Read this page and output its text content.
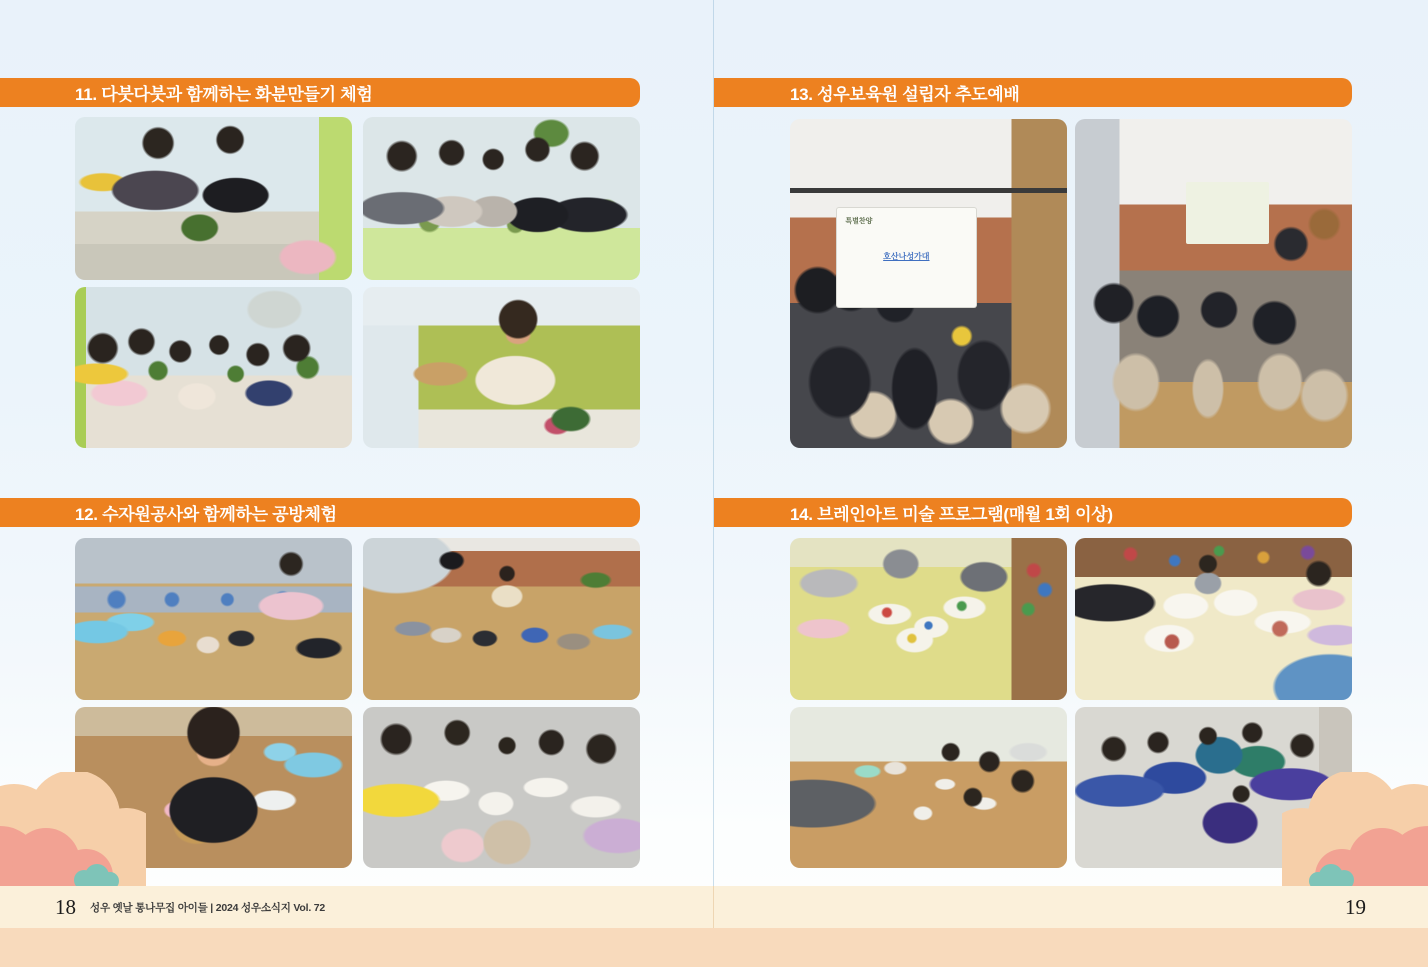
11. 다붓다붓과 함께하는 화분만들기 체험
12. 수자원공사와 함께하는 공방체험
13. 성우보육원 설립자 추도예배
특별찬양
호산나성가대
14. 브레인아트 미술 프로그램(매월 1회 이상)
18 성우 옛날 통나무집 아이들 | 2024 성우소식지 Vol. 72	19
